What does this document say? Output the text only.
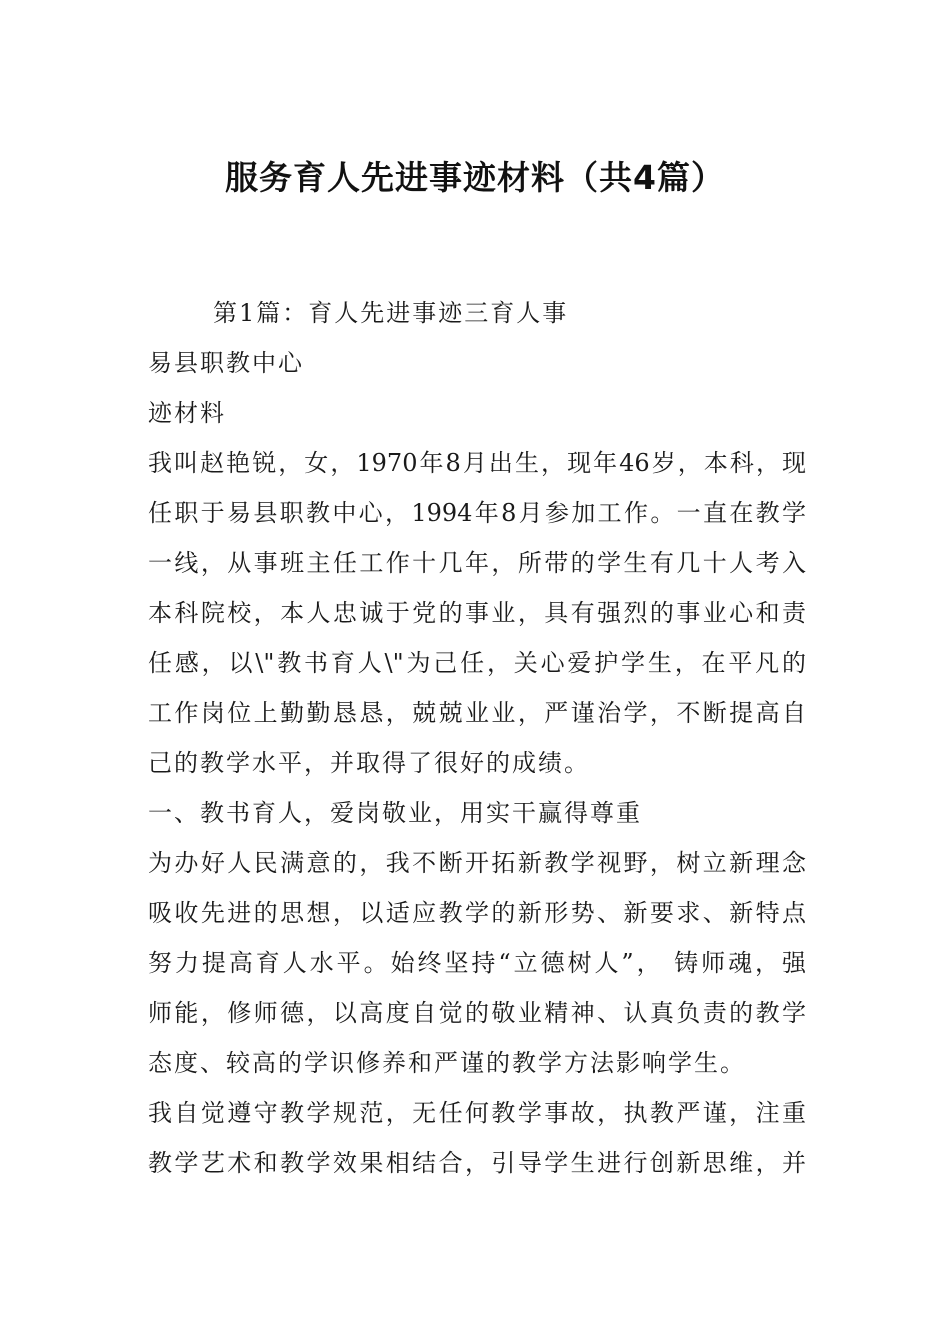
服务育人先进事迹材料（共4篇）
第1篇：育人先进事迹三育人事
易县职教中心
迹材料
我叫赵艳锐，女，1970年8月出生，现年46岁，本科，现
任职于易县职教中心，1994年8月参加工作。一直在教学
一线，从事班主任工作十几年，所带的学生有几十人考入
本科院校，本人忠诚于党的事业，具有强烈的事业心和责
任感，以\"教书育人\"为己任，关心爱护学生，在平凡的
工作岗位上勤勤恳恳，兢兢业业，严谨治学，不断提高自
己的教学水平，并取得了很好的成绩。
一、教书育人，爱岗敬业，用实干赢得尊重
为办好人民满意的，我不断开拓新教学视野，树立新理念
吸收先进的思想，以适应教学的新形势、新要求、新特点
努力提高育人水平。始终坚持“立德树人”， 铸师魂，强
师能，修师德，以高度自觉的敬业精神、认真负责的教学
态度、较高的学识修养和严谨的教学方法影响学生。
我自觉遵守教学规范，无任何教学事故，执教严谨，注重
教学艺术和教学效果相结合，引导学生进行创新思维，并
